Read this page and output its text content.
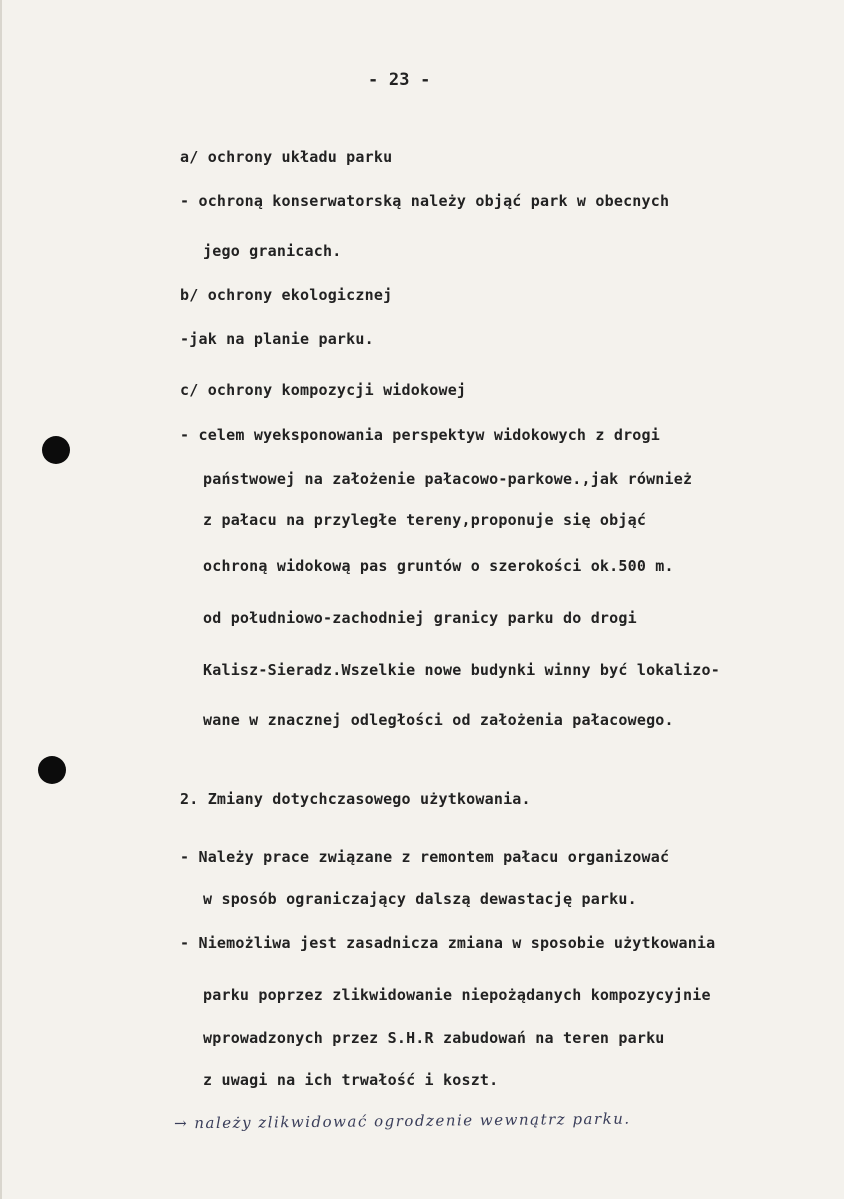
- 23 -
a/ ochrony układu parku
- ochroną konserwatorską należy objąć park w obecnych
jego granicach.
b/ ochrony ekologicznej
-jak na planie parku.
c/ ochrony kompozycji widokowej
- celem wyeksponowania perspektyw widokowych z drogi
państwowej na założenie pałacowo-parkowe.,jak również
z pałacu na przyległe tereny,proponuje się objąć
ochroną widokową pas gruntów o szerokości ok.500 m.
od południowo-zachodniej granicy parku do drogi
Kalisz-Sieradz.Wszelkie nowe budynki winny być lokalizo-
wane w znacznej odległości od założenia pałacowego.
2. Zmiany dotychczasowego użytkowania.
- Należy prace związane z remontem pałacu organizować
w sposób ograniczający dalszą dewastację parku.
- Niemożliwa jest zasadnicza zmiana w sposobie użytkowania
parku poprzez zlikwidowanie niepożądanych kompozycyjnie
wprowadzonych przez S.H.R zabudowań na teren parku
z uwagi na ich trwałość i koszt.
→ należy zlikwidować ogrodzenie wewnątrz parku.
